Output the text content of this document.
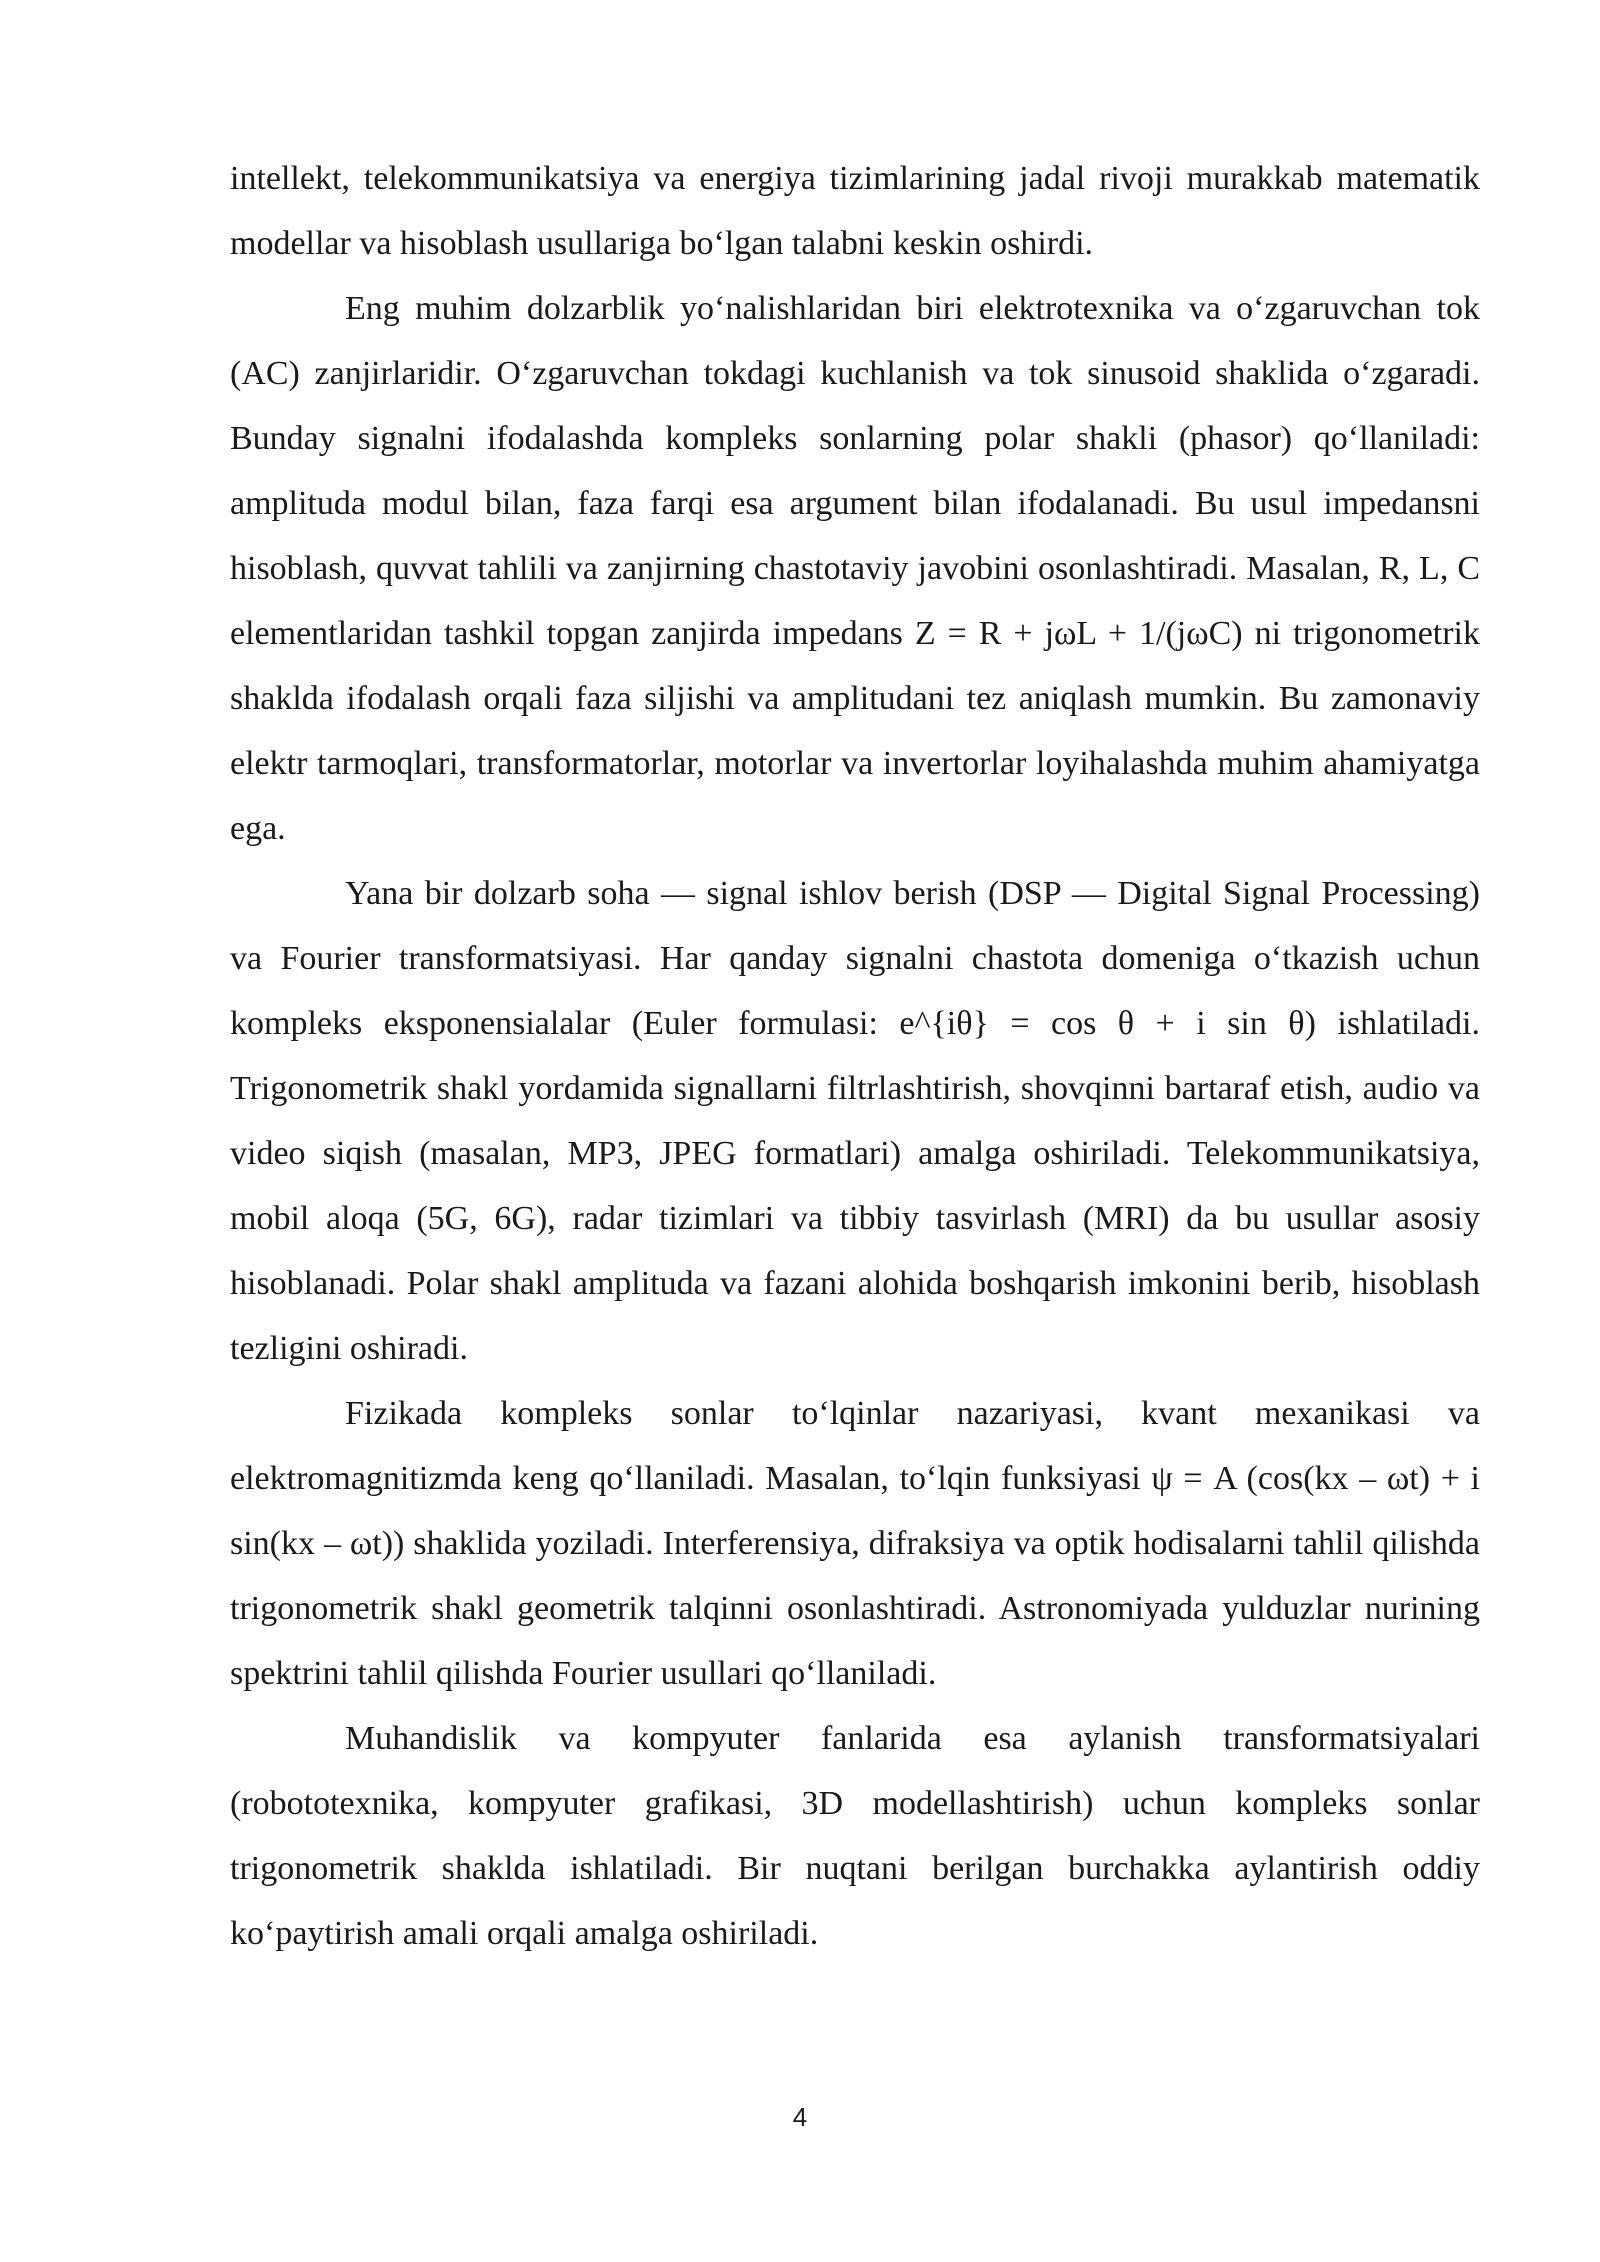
intellekt, telekommunikatsiya va energiya tizimlarining jadal rivoji murakkab matematik modellar va hisoblash usullariga bo‘lgan talabni keskin oshirdi.

Eng muhim dolzarblik yo‘nalishlaridan biri elektrotexnika va o‘zgaruvchan tok (AC) zanjirlaridir. O‘zgaruvchan tokdagi kuchlanish va tok sinusoid shaklida o‘zgaradi. Bunday signalni ifodalashda kompleks sonlarning polar shakli (phasor) qo‘llaniladi: amplituda modul bilan, faza farqi esa argument bilan ifodalanadi. Bu usul impedansni hisoblash, quvvat tahlili va zanjirning chastotaviy javobini osonlashtiradi. Masalan, R, L, C elementlaridan tashkil topgan zanjirda impedans Z = R + jωL + 1/(jωC) ni trigonometrik shaklda ifodalash orqali faza siljishi va amplitudani tez aniqlash mumkin. Bu zamonaviy elektr tarmoqlari, transformatorlar, motorlar va invertorlar loyihalashda muhim ahamiyatga ega.

Yana bir dolzarb soha — signal ishlov berish (DSP — Digital Signal Processing) va Fourier transformatsiyasi. Har qanday signalni chastota domeniga o‘tkazish uchun kompleks eksponensialalar (Euler formulasi: e^{iθ} = cos θ + i sin θ) ishlatiladi. Trigonometrik shakl yordamida signallarni filtrlashtirish, shovqinni bartaraf etish, audio va video siqish (masalan, MP3, JPEG formatlari) amalga oshiriladi. Telekommunikatsiya, mobil aloqa (5G, 6G), radar tizimlari va tibbiy tasvirlash (MRI) da bu usullar asosiy hisoblanadi. Polar shakl amplituda va fazani alohida boshqarish imkonini berib, hisoblash tezligini oshiradi.

Fizikada kompleks sonlar to‘lqinlar nazariyasi, kvant mexanikasi va elektromagnitizmda keng qo‘llaniladi. Masalan, to‘lqin funksiyasi ψ = A (cos(kx – ωt) + i sin(kx – ωt)) shaklida yoziladi. Interferensiya, difraksiya va optik hodisalarni tahlil qilishda trigonometrik shakl geometrik talqinni osonlashtiradi. Astronomiyada yulduzlar nurining spektrini tahlil qilishda Fourier usullari qo‘llaniladi.

Muhandislik va kompyuter fanlarida esa aylanish transformatsiyalari (robototexnika, kompyuter grafikasi, 3D modellashtirish) uchun kompleks sonlar trigonometrik shaklda ishlatiladi. Bir nuqtani berilgan burchakka aylantirish oddiy ko‘paytirish amali orqali amalga oshiriladi.

4
